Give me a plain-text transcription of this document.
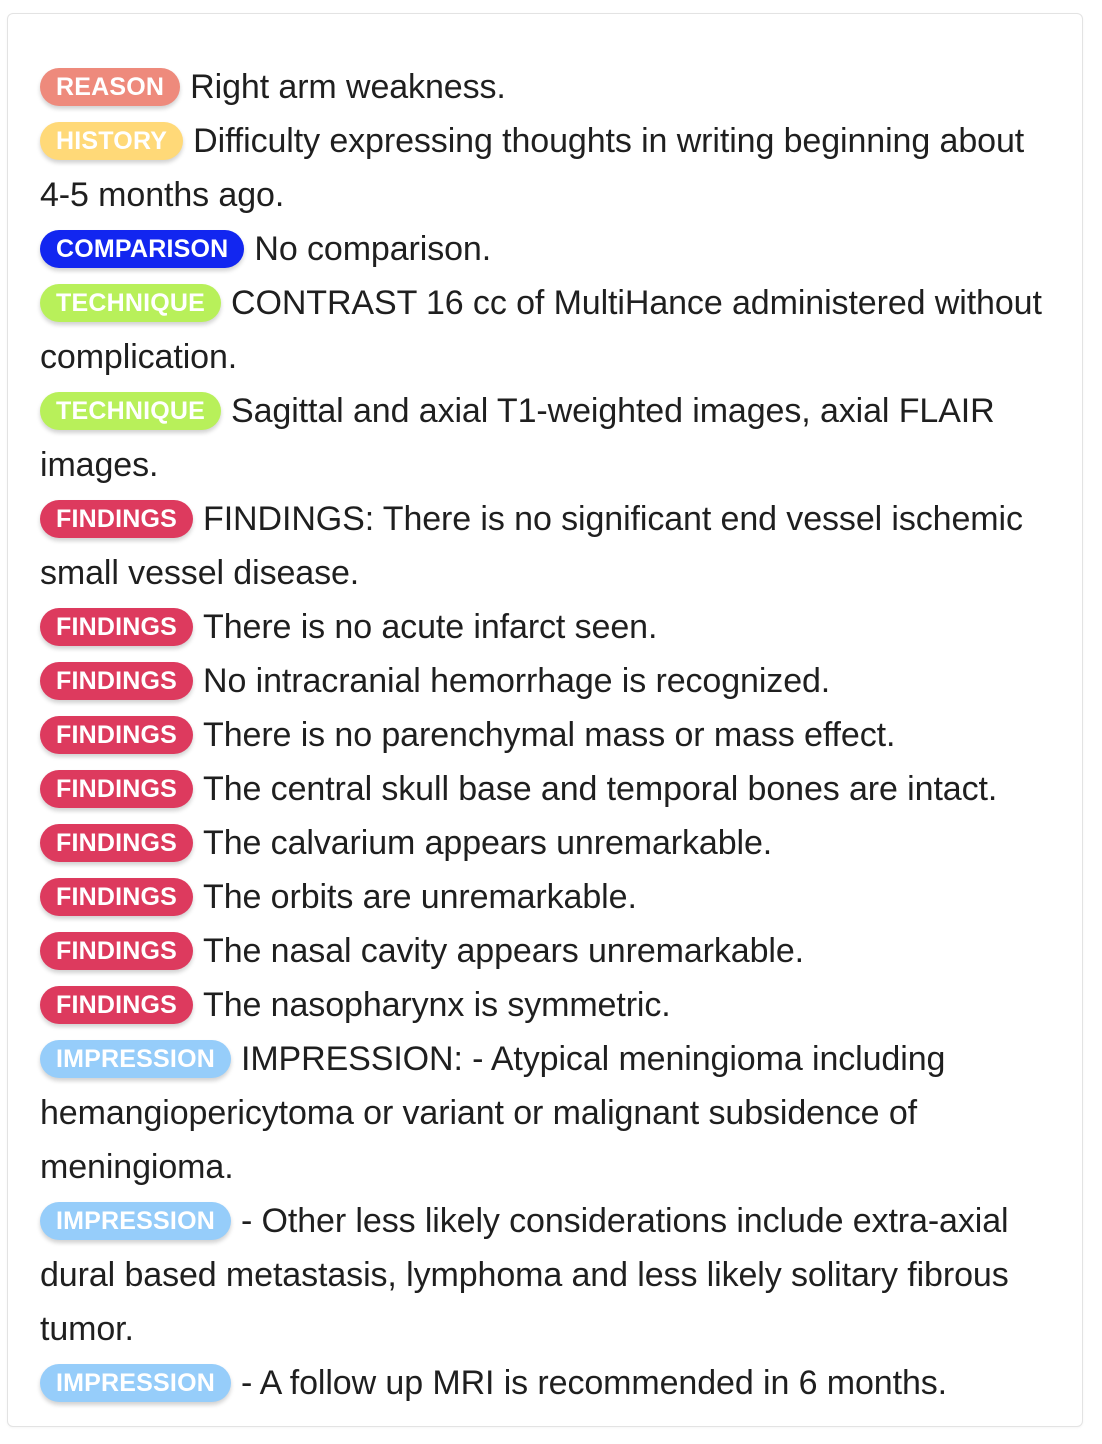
REASON Right arm weakness.

HISTORY Difficulty expressing thoughts in writing beginning about 4-5 months ago.

COMPARISON No comparison.

TECHNIQUE CONTRAST 16 cc of MultiHance administered without complication.

TECHNIQUE Sagittal and axial T1-weighted images, axial FLAIR images.

FINDINGS FINDINGS: There is no significant end vessel ischemic small vessel disease.

FINDINGS There is no acute infarct seen.

FINDINGS No intracranial hemorrhage is recognized.

FINDINGS There is no parenchymal mass or mass effect.

FINDINGS The central skull base and temporal bones are intact.

FINDINGS The calvarium appears unremarkable.

FINDINGS The orbits are unremarkable.

FINDINGS The nasal cavity appears unremarkable.

FINDINGS The nasopharynx is symmetric.

IMPRESSION IMPRESSION: - Atypical meningioma including hemangiopericytoma or variant or malignant subsidence of meningioma.

IMPRESSION - Other less likely considerations include extra-axial dural based metastasis, lymphoma and less likely solitary fibrous tumor.

IMPRESSION - A follow up MRI is recommended in 6 months.
